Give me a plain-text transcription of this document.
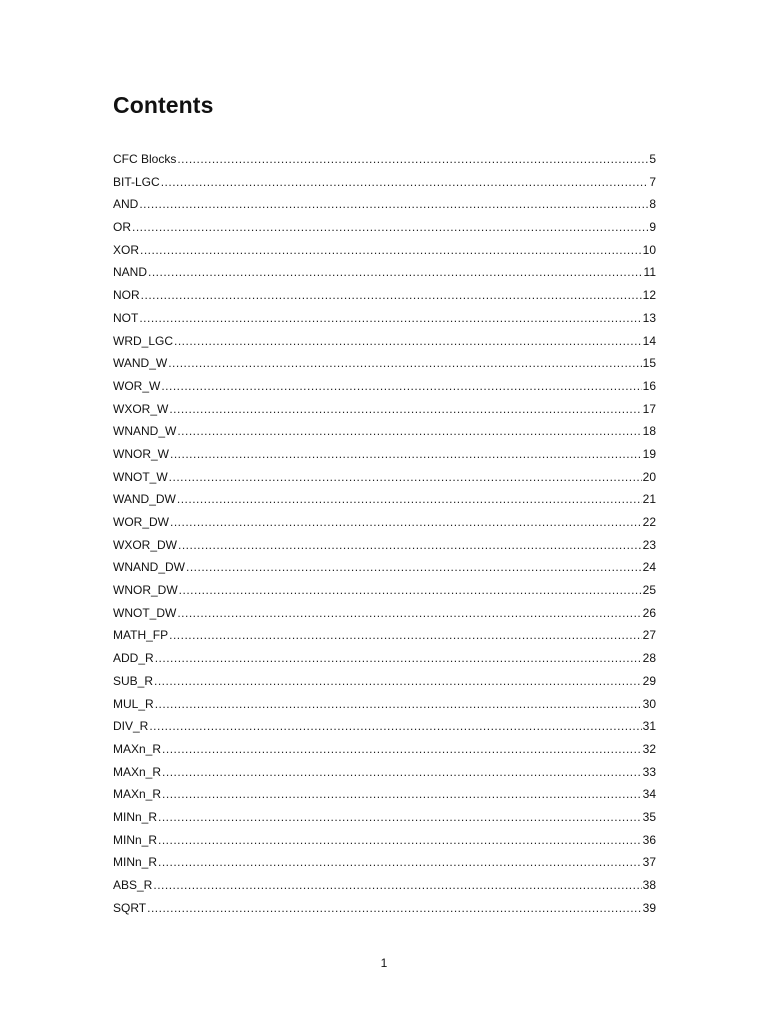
Contents
CFC Blocks .....	5
BIT-LGC .....	7
AND .....	8
OR .....	9
XOR .....	10
NAND .....	11
NOR .....	12
NOT .....	13
WRD_LGC .....	14
WAND_W .....	15
WOR_W .....	16
WXOR_W .....	17
WNAND_W .....	18
WNOR_W .....	19
WNOT_W .....	20
WAND_DW .....	21
WOR_DW .....	22
WXOR_DW .....	23
WNAND_DW .....	24
WNOR_DW .....	25
WNOT_DW .....	26
MATH_FP .....	27
ADD_R .....	28
SUB_R .....	29
MUL_R .....	30
DIV_R .....	31
MAXn_R .....	32
MAXn_R .....	33
MAXn_R .....	34
MINn_R .....	35
MINn_R .....	36
MINn_R .....	37
ABS_R .....	38
SQRT .....	39
1
